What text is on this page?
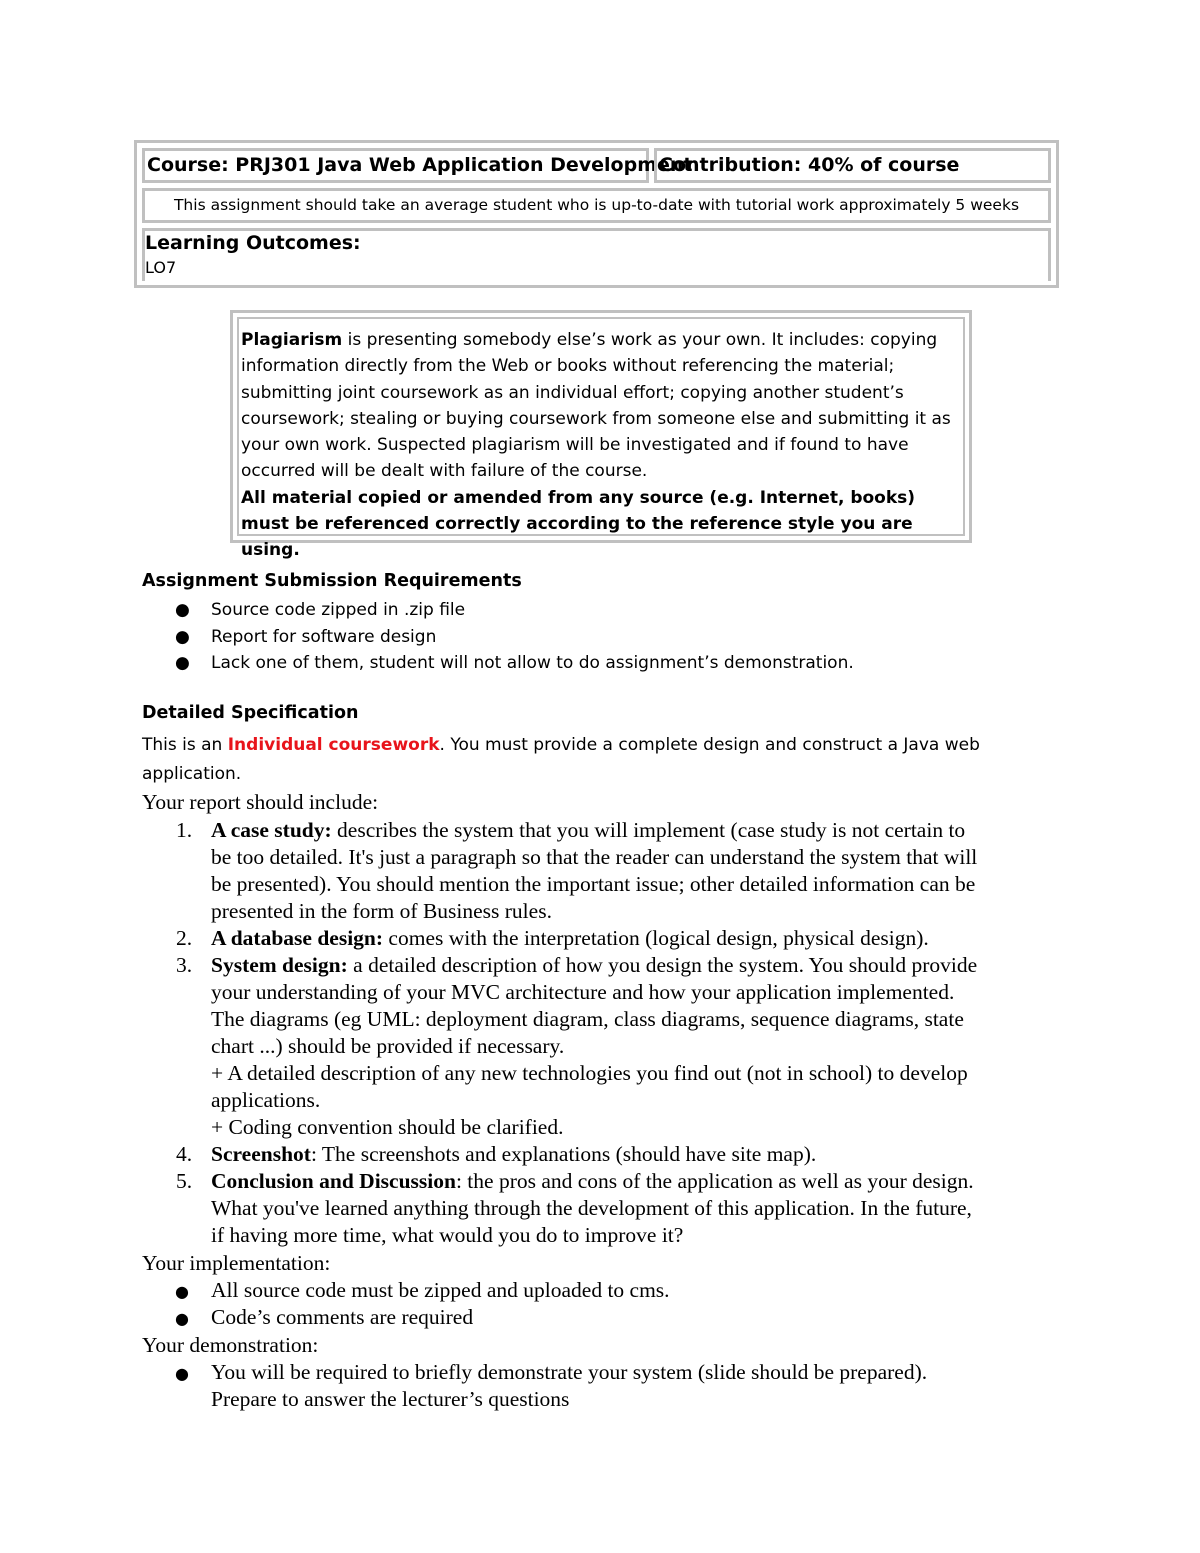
Course: PRJ301 Java Web Application Development
Contribution: 40% of course
This assignment should take an average student who is up-to-date with tutorial work approximately 5 weeks
Learning Outcomes:
LO7
Plagiarism is presenting somebody else’s work as your own. It includes: copying information directly from the Web or books without referencing the material; submitting joint coursework as an individual effort; copying another student’s coursework; stealing or buying coursework from someone else and submitting it as your own work. Suspected plagiarism will be investigated and if found to have occurred will be dealt with failure of the course.
All material copied or amended from any source (e.g. Internet, books) must be referenced correctly according to the reference style you are using.
Assignment Submission Requirements
● Source code zipped in .zip file
● Report for software design
● Lack one of them, student will not allow to do assignment’s demonstration.
Detailed Specification
This is an Individual coursework. You must provide a complete design and construct a Java web application.
Your report should include:
1. A case study: describes the system that you will implement (case study is not certain to
be too detailed. It's just a paragraph so that the reader can understand the system that will
be presented). You should mention the important issue; other detailed information can be
presented in the form of Business rules.
2. A database design: comes with the interpretation (logical design, physical design).
3. System design: a detailed description of how you design the system. You should provide
your understanding of your MVC architecture and how your application implemented.
The diagrams (eg UML: deployment diagram, class diagrams, sequence diagrams, state
chart ...) should be provided if necessary.
+ A detailed description of any new technologies you find out (not in school) to develop
applications.
+ Coding convention should be clarified.
4. Screenshot: The screenshots and explanations (should have site map).
5. Conclusion and Discussion: the pros and cons of the application as well as your design.
What you've learned anything through the development of this application. In the future,
if having more time, what would you do to improve it?
Your implementation:
● All source code must be zipped and uploaded to cms.
● Code’s comments are required
Your demonstration:
● You will be required to briefly demonstrate your system (slide should be prepared).
Prepare to answer the lecturer’s questions
